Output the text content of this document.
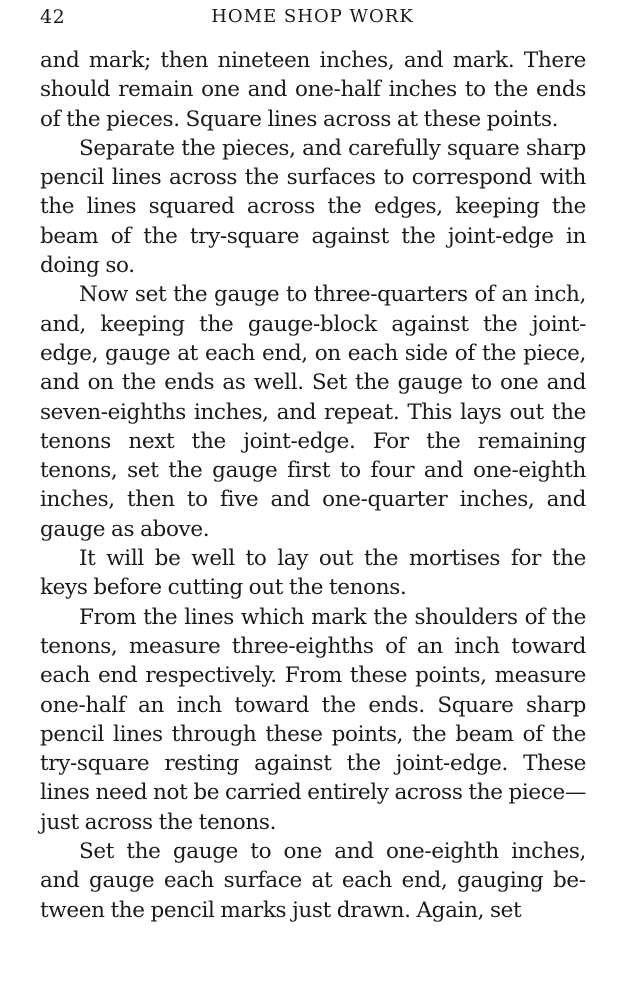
42	HOME SHOP WORK

and mark; then nineteen inches, and mark. There should remain one and one-half inches to the ends of the pieces. Square lines across at these points.

Separate the pieces, and carefully square sharp pencil lines across the surfaces to correspond with the lines squared across the edges, keeping the beam of the try-square against the joint-edge in doing so.

Now set the gauge to three-quarters of an inch, and, keeping the gauge-block against the joint-edge, gauge at each end, on each side of the piece, and on the ends as well. Set the gauge to one and seven-eighths inches, and repeat. This lays out the tenons next the joint-edge. For the remaining tenons, set the gauge first to four and one-eighth inches, then to five and one-quarter inches, and gauge as above.

It will be well to lay out the mortises for the keys before cutting out the tenons.

From the lines which mark the shoulders of the tenons, measure three-eighths of an inch toward each end respectively. From these points, measure one-half an inch toward the ends. Square sharp pencil lines through these points, the beam of the try-square resting against the joint-edge. These lines need not be carried entirely across the piece—just across the tenons.

Set the gauge to one and one-eighth inches, and gauge each surface at each end, gauging between the pencil marks just drawn. Again, set
